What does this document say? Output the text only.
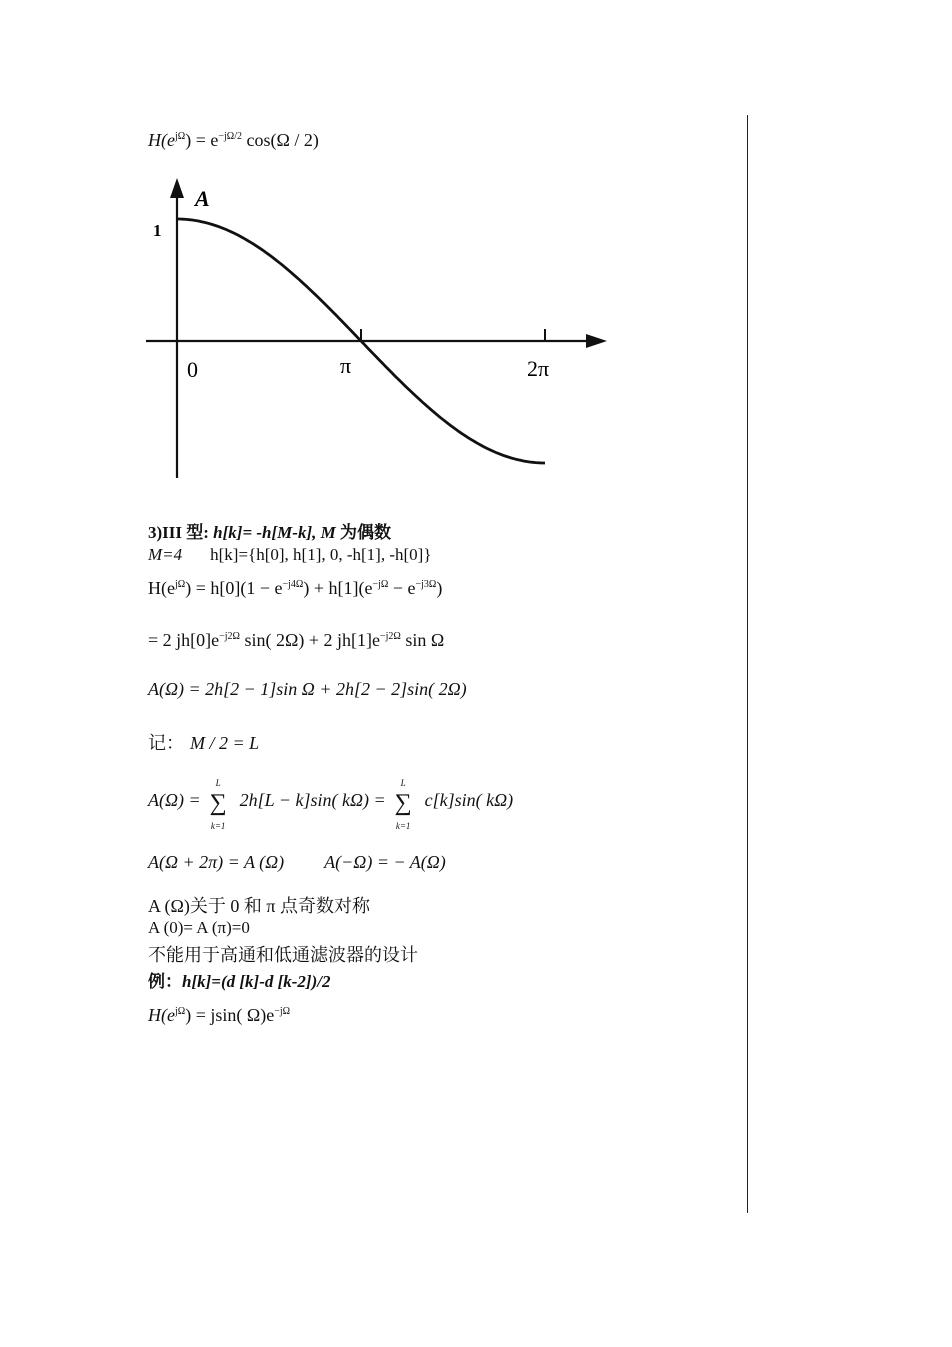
$H(e^{j\Omega}) = e^{-j\Omega/2}$ cos(Ω / 2)
A
1
0	π	2π
3)III 型: h[k]= -h[M-k], M 为偶数
M=4 h[k]={h[0], h[1], 0, -h[1], -h[0]}
$H(e^{j\Omega}) = h[0](1 - e^{-j4\Omega}) + h[1](e^{-j\Omega} - e^{-j3\Omega})$
= 2 $jh[0]e^{-j2\Omega}$ sin( 2Ω) + 2 $jh[1]e^{-j2\Omega}$ sin Ω
A(Ω) = 2h[2 − 1]sin Ω + 2h[2 − 2]sin( 2Ω)
记： M / 2 = L
A(Ω) =
L
∑
k=1
2h[L − k]sin( kΩ) =
L
∑
k=1
c[k]sin( kΩ)
A(Ω + 2π) = A (Ω) A(−Ω) = − A(Ω)
A (Ω)关于 0 和 π 点奇数对称
A (0)= A (π)=0
不能用于高通和低通滤波器的设计
例：h[k]=(d [k]-d [k-2])/2
$H(e^{j\Omega}) = jsin$( $\Omega)e^{-j\Omega}$
